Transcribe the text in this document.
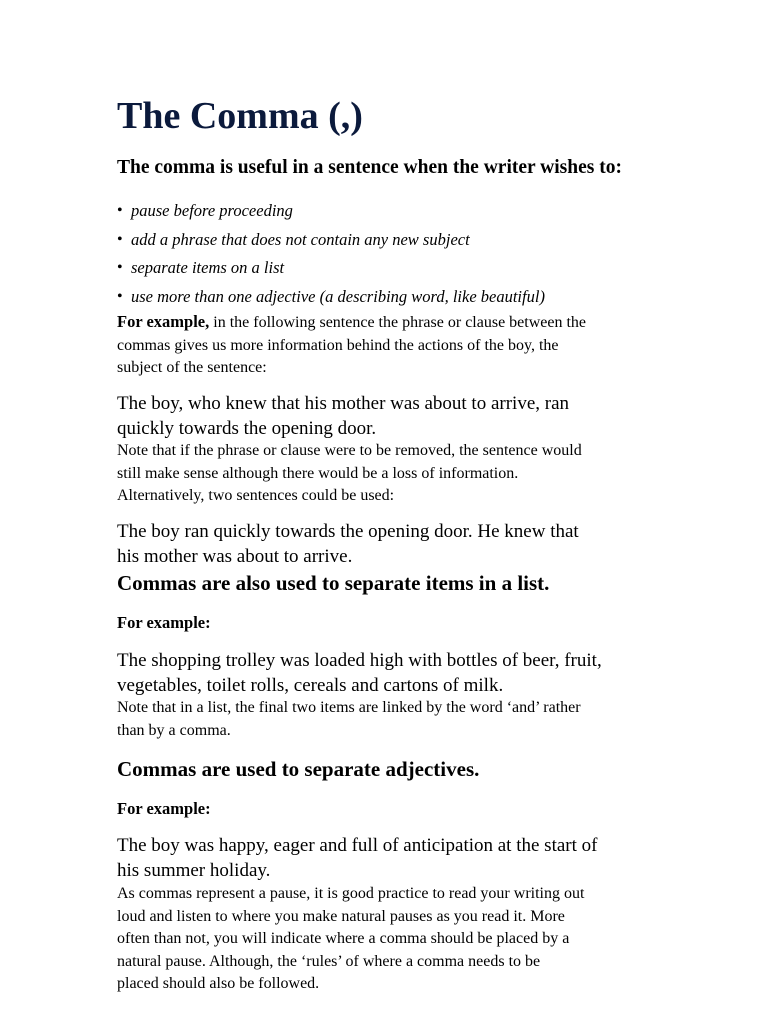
The Comma (,)

The comma is useful in a sentence when the writer wishes to:

• pause before proceeding
• add a phrase that does not contain any new subject
• separate items on a list
• use more than one adjective (a describing word, like beautiful)

For example, in the following sentence the phrase or clause between the
commas gives us more information behind the actions of the boy, the
subject of the sentence:

The boy, who knew that his mother was about to arrive, ran
quickly towards the opening door.

Note that if the phrase or clause were to be removed, the sentence would
still make sense although there would be a loss of information.
Alternatively, two sentences could be used:

The boy ran quickly towards the opening door. He knew that
his mother was about to arrive.

Commas are also used to separate items in a list.

For example:

The shopping trolley was loaded high with bottles of beer, fruit,
vegetables, toilet rolls, cereals and cartons of milk.

Note that in a list, the final two items are linked by the word ‘and’ rather
than by a comma.

Commas are used to separate adjectives.

For example:

The boy was happy, eager and full of anticipation at the start of
his summer holiday.

As commas represent a pause, it is good practice to read your writing out
loud and listen to where you make natural pauses as you read it. More
often than not, you will indicate where a comma should be placed by a
natural pause. Although, the ‘rules’ of where a comma needs to be
placed should also be followed.
